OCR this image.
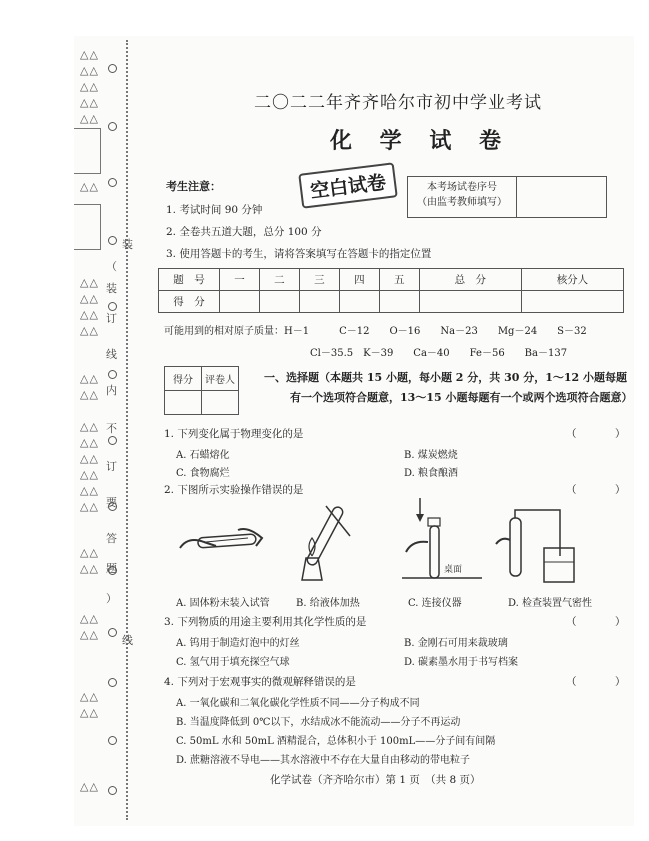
△△
△△
△△
△△
△△
△△
△△
△△
△△
△△
△△
△△
△△
△△
△△
△△
△△
△△
△△
△△
△△
△△
△△
△△
△△
装
（
装
订
线
内
不
订
要
答
题
）
线
二〇二二年齐齐哈尔市初中学业考试
化 学 试 卷
空白试卷
考生注意：
1. 考试时间 90 分钟
2. 全卷共五道大题，总分 100 分
3. 使用答题卡的考生，请将答案填写在答题卡的指定位置
本考场试卷序号
（由监考教师填写）
题　号	一	二	三	四	五	总　分	核分人
得　分							
可能用到的相对原子质量：H－1　　　C－12　　O－16　　Na－23　　Mg－24　　S－32
Cl－35.5　K－39　　Ca－40　　Fe－56　　Ba－137
得分	评卷人
		一、选择题（本题共 15 小题，每小题 2 分，共 30 分，1～12 小题每题
有一个选项符合题意，13～15 小题每题有一个或两个选项符合题意）
1. 下列变化属于物理变化的是	（　）
A. 石蜡熔化	B. 煤炭燃烧
C. 食物腐烂	D. 粮食酿酒
2. 下图所示实验操作错误的是	（　）
桌面
A. 固体粉末装入试管	B. 给液体加热	C. 连接仪器	D. 检查装置气密性
3. 下列物质的用途主要利用其化学性质的是	（　）
A. 钨用于制造灯泡中的灯丝	B. 金刚石可用来裁玻璃
C. 氢气用于填充探空气球	D. 碳素墨水用于书写档案
4. 下列对于宏观事实的微观解释错误的是	（　）
A. 一氧化碳和二氧化碳化学性质不同——分子构成不同
B. 当温度降低到 0℃以下，水结成冰不能流动——分子不再运动
C. 50mL 水和 50mL 酒精混合，总体积小于 100mL——分子间有间隔
D. 蔗糖溶液不导电——其水溶液中不存在大量自由移动的带电粒子
化学试卷（齐齐哈尔市）第 1 页　（共 8 页）
